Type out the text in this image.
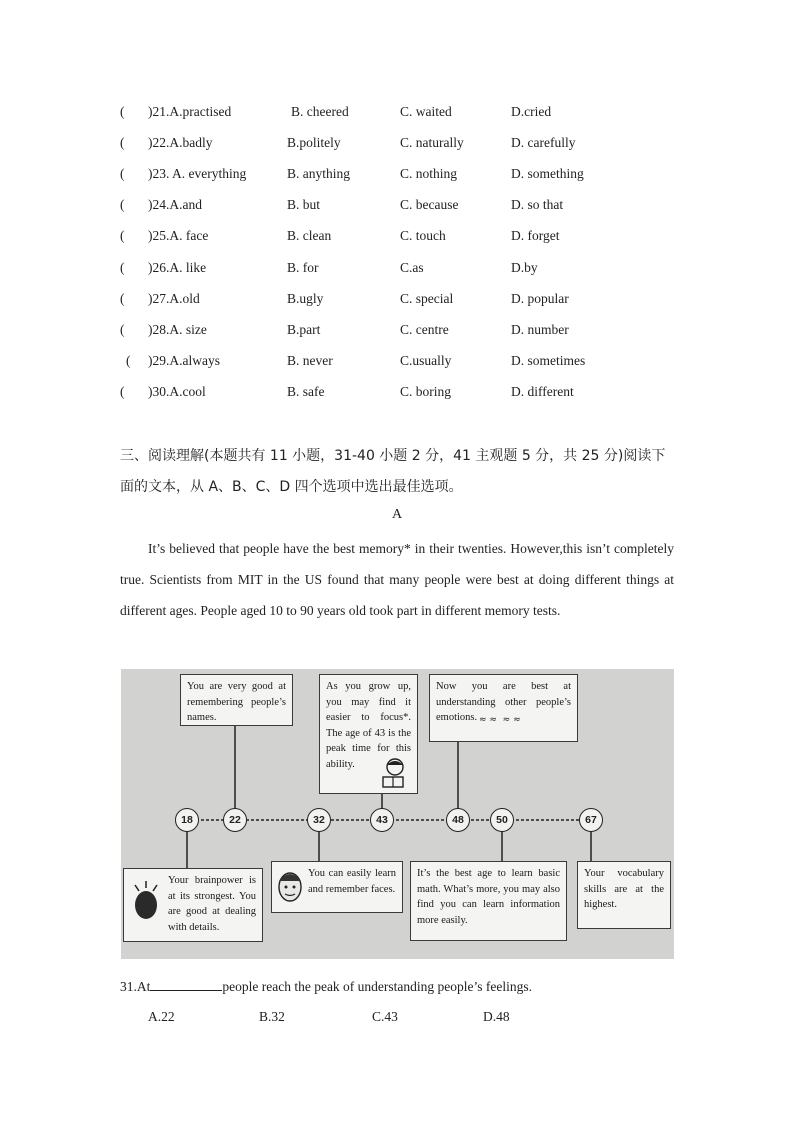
( )21.A.practised	B. cheered	C. waited	D.cried
( )22.A.badly	B.politely	C. naturally	D. carefully
( )23. A. everything	B. anything	C. nothing	D. something
( )24.A.and	B. but	C. because	D. so that
( )25.A. face	B. clean	C. touch	D. forget
( )26.A. like	B. for	C.as	D.by
( )27.A.old	B.ugly	C. special	D. popular
( )28.A. size	B.part	C. centre	D. number
( )29.A.always	B. never	C.usually	D. sometimes
( )30.A.cool	B. safe	C. boring	D. different
三、阅读理解(本题共有 11 小题，31-40 小题 2 分，41 主观题 5 分，共 25 分)阅读下面的文本，从 A、B、C、D 四个选项中选出最佳选项。
A
It’s believed that people have the best memory* in their twenties. However,this isn’t completely true. Scientists from MIT in the US found that many people were best at doing different things at different ages. People aged 10 to 90 years old took part in different memory tests.
18	22	32	43	48	50	67
You are very good at remembering people’s names.
As you grow up, you may find it easier to focus*. The age of 43 is the peak time for this ability.
Now you are best at understanding other people’s emotions. ≈ ≈  ≈ ≈
Your brainpower is at its strongest. You are good at dealing with details.
You can easily learn and remember faces.
It’s the best age to learn basic math. What’s more, you may also find you can learn information more easily.
Your vocabulary skills are at the highest.
31.At	people reach the peak of understanding people’s feelings.
A.22	B.32	C.43	D.48
